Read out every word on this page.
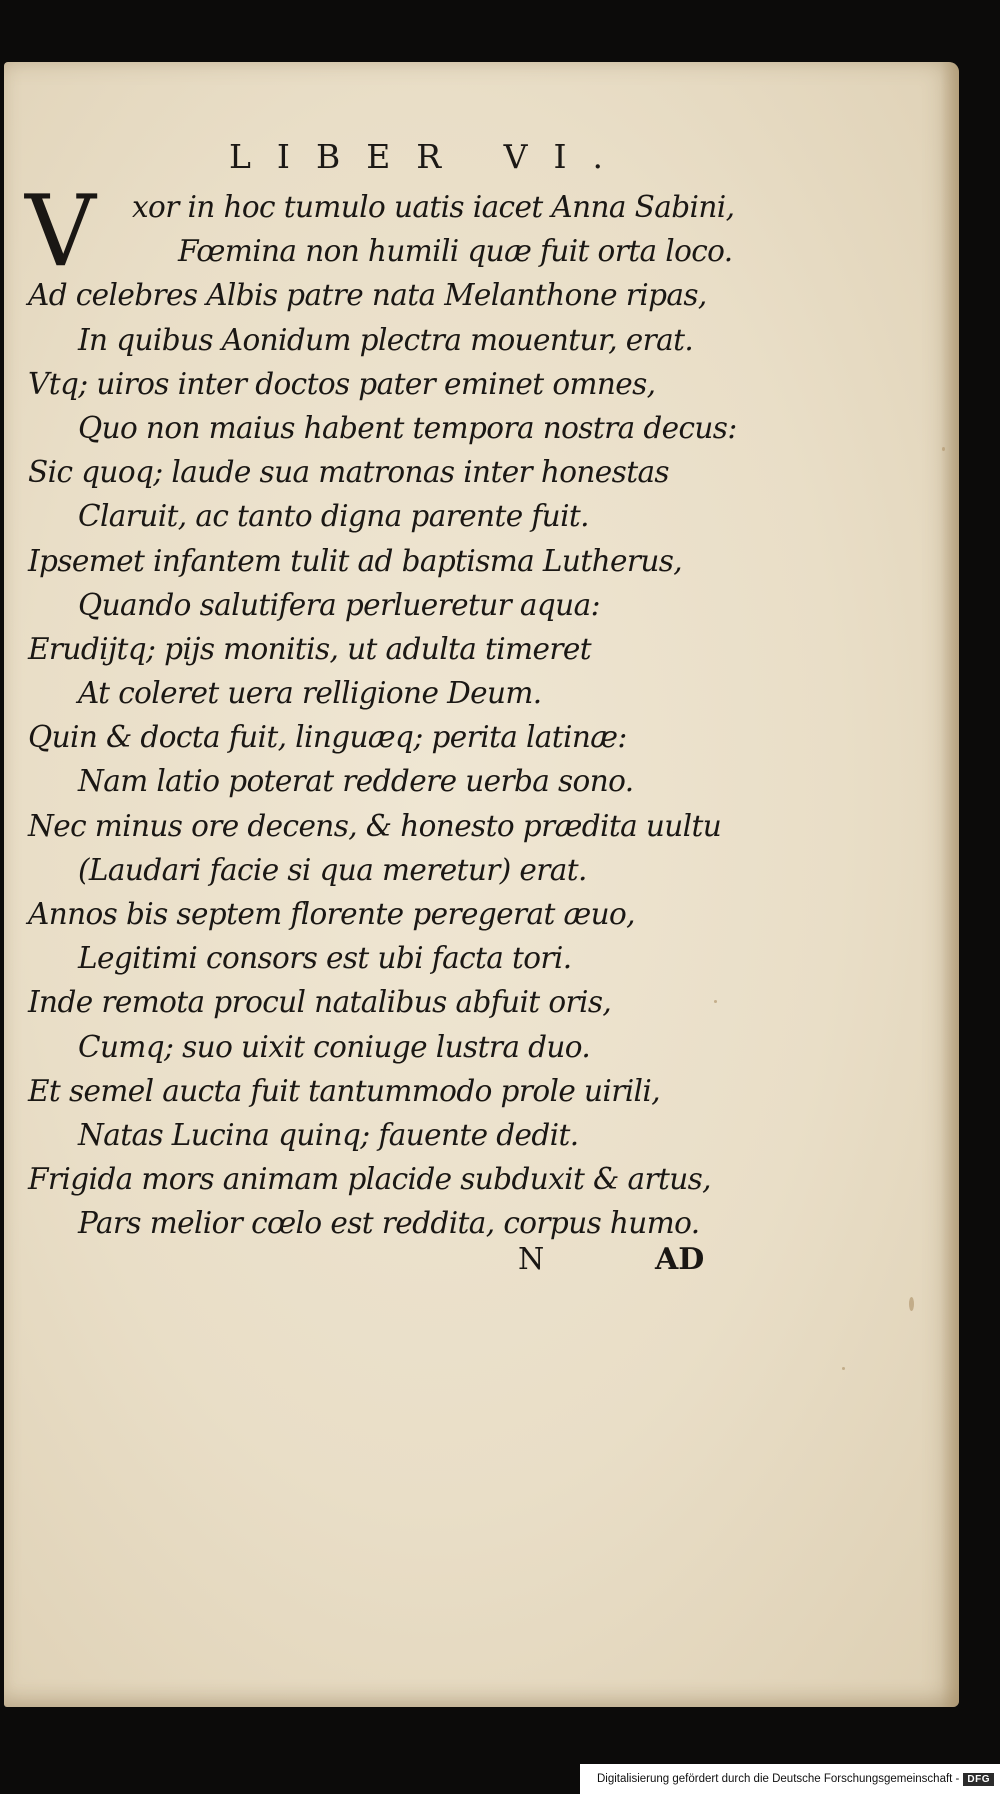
LIBER VI.
V	xor in hoc tumulo uatis iacet Anna Sabini,
Fœmina non humili quæ fuit orta loco.
Ad celebres Albis patre nata Melanthone ripas,
In quibus Aonidum plectra mouentur, erat.
Vtq; uiros inter doctos pater eminet omnes,
Quo non maius habent tempora nostra decus:
Sic quoq; laude sua matronas inter honestas
Claruit, ac tanto digna parente fuit.
Ipsemet infantem tulit ad baptisma Lutherus,
Quando salutifera perlueretur aqua:
Erudijtq; pijs monitis, ut adulta timeret
At coleret uera relligione Deum.
Quin & docta fuit, linguæq; perita latinæ:
Nam latio poterat reddere uerba sono.
Nec minus ore decens, & honesto prædita uultu
(Laudari facie si qua meretur) erat.
Annos bis septem florente peregerat æuo,
Legitimi consors est ubi facta tori.
Inde remota procul natalibus abfuit oris,
Cumq; suo uixit coniuge lustra duo.
Et semel aucta fuit tantummodo prole uirili,
Natas Lucina quinq; fauente dedit.
Frigida mors animam placide subduxit & artus,
Pars melior cœlo est reddita, corpus humo.
N	AD
Digitalisierung gefördert durch die Deutsche Forschungsgemeinschaft - DFG
